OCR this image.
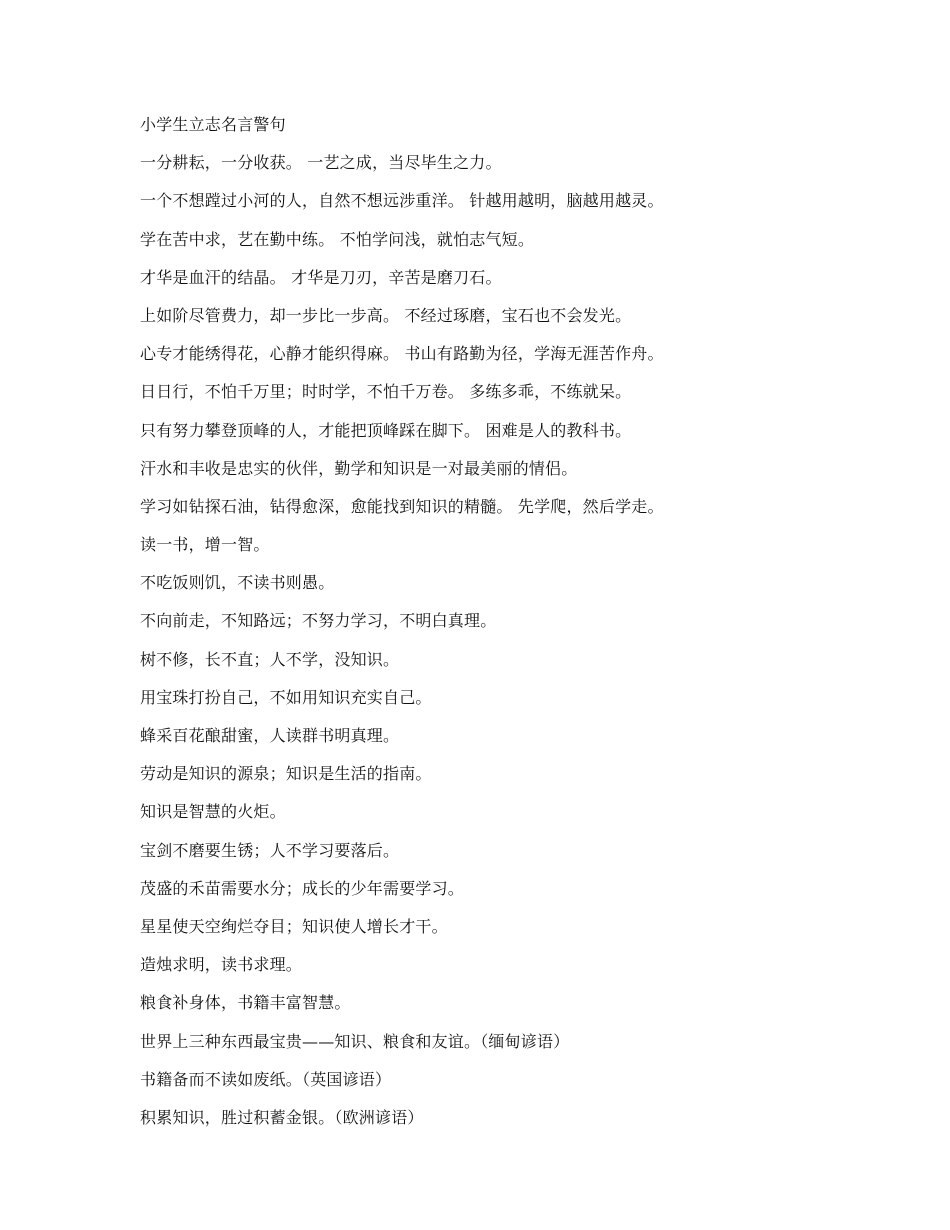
小学生立志名言警句
一分耕耘，一分收获。 一艺之成，当尽毕生之力。
一个不想蹚过小河的人，自然不想远涉重洋。 针越用越明，脑越用越灵。
学在苦中求，艺在勤中练。 不怕学问浅，就怕志气短。
才华是血汗的结晶。 才华是刀刃，辛苦是磨刀石。
上如阶尽管费力，却一步比一步高。 不经过琢磨，宝石也不会发光。
心专才能绣得花，心静才能织得麻。 书山有路勤为径，学海无涯苦作舟。
日日行，不怕千万里；时时学，不怕千万卷。 多练多乖，不练就呆。
只有努力攀登顶峰的人，才能把顶峰踩在脚下。 困难是人的教科书。
汗水和丰收是忠实的伙伴，勤学和知识是一对最美丽的情侣。
学习如钻探石油，钻得愈深，愈能找到知识的精髓。 先学爬，然后学走。
读一书，增一智。
不吃饭则饥，不读书则愚。
不向前走，不知路远；不努力学习，不明白真理。
树不修，长不直；人不学，没知识。
用宝珠打扮自己，不如用知识充实自己。
蜂采百花酿甜蜜，人读群书明真理。
劳动是知识的源泉；知识是生活的指南。
知识是智慧的火炬。
宝剑不磨要生锈；人不学习要落后。
茂盛的禾苗需要水分；成长的少年需要学习。
星星使天空绚烂夺目；知识使人增长才干。
造烛求明，读书求理。
粮食补身体，书籍丰富智慧。
世界上三种东西最宝贵——知识、粮食和友谊。（缅甸谚语）
书籍备而不读如废纸。（英国谚语）
积累知识，胜过积蓄金银。（欧洲谚语）
